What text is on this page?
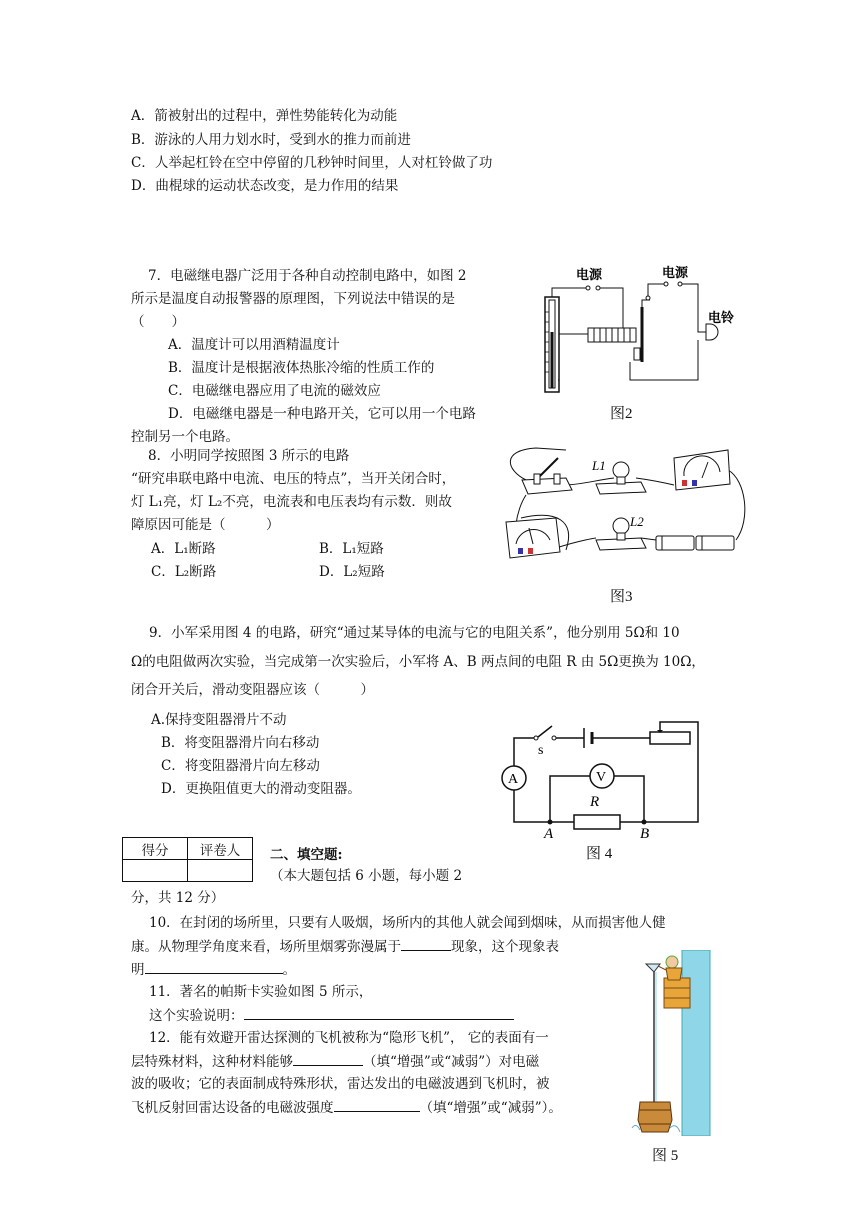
A．箭被射出的过程中，弹性势能转化为动能
B．游泳的人用力划水时，受到水的推力而前进
C．人举起杠铃在空中停留的几秒钟时间里，人对杠铃做了功
D．曲棍球的运动状态改变，是力作用的结果
7．电磁继电器广泛用于各种自动控制电路中，如图 2
所示是温度自动报警器的原理图，下列说法中错误的是
（　　）
A．温度计可以用酒精温度计
B．温度计是根据液体热胀冷缩的性质工作的
C．电磁继电器应用了电流的磁效应
D．电磁继电器是一种电路开关，它可以用一个电路
控制另一个电路。
电源	电源
电铃
图2
8．小明同学按照图 3 所示的电路
“研究串联电路中电流、电压的特点”，当开关闭合时，
灯 L₁亮，灯 L₂不亮，电流表和电压表均有示数．则故
障原因可能是（　　　）
A．L₁断路	B．L₁短路
C．L₂断路	D．L₂短路
L1
L2
图3
9．小军采用图 4 的电路，研究“通过某导体的电流与它的电阻关系”，他分别用 5Ω和 10
Ω的电阻做两次实验，当完成第一次实验后，小军将 A、B 两点间的电阻 R 由 5Ω更换为 10Ω，
闭合开关后，滑动变阻器应该（　　　）
A.保持变阻器滑片不动
B．将变阻器滑片向右移动
C．将变阻器滑片向左移动
D．更换阻值更大的滑动变阻器。
s
A	V
R
A	B
图 4
得分	评卷人
	二、填空题:
（本大题包括 6 小题，每小题 2
分，共 12 分）
10．在封闭的场所里，只要有人吸烟，场所内的其他人就会闻到烟味，从而损害他人健
康。从物理学角度来看，场所里烟雾弥漫属于	现象，这个现象表
明	。
11．著名的帕斯卡实验如图 5 所示，
这个实验说明：
12．能有效避开雷达探测的飞机被称为“隐形飞机”， 它的表面有一
层特殊材料，这种材料能够	（填“增强”或“减弱”）对电磁
波的吸收；它的表面制成特殊形状，雷达发出的电磁波遇到飞机时，被
飞机反射回雷达设备的电磁波强度	（填“增强”或“减弱”）。
图 5
